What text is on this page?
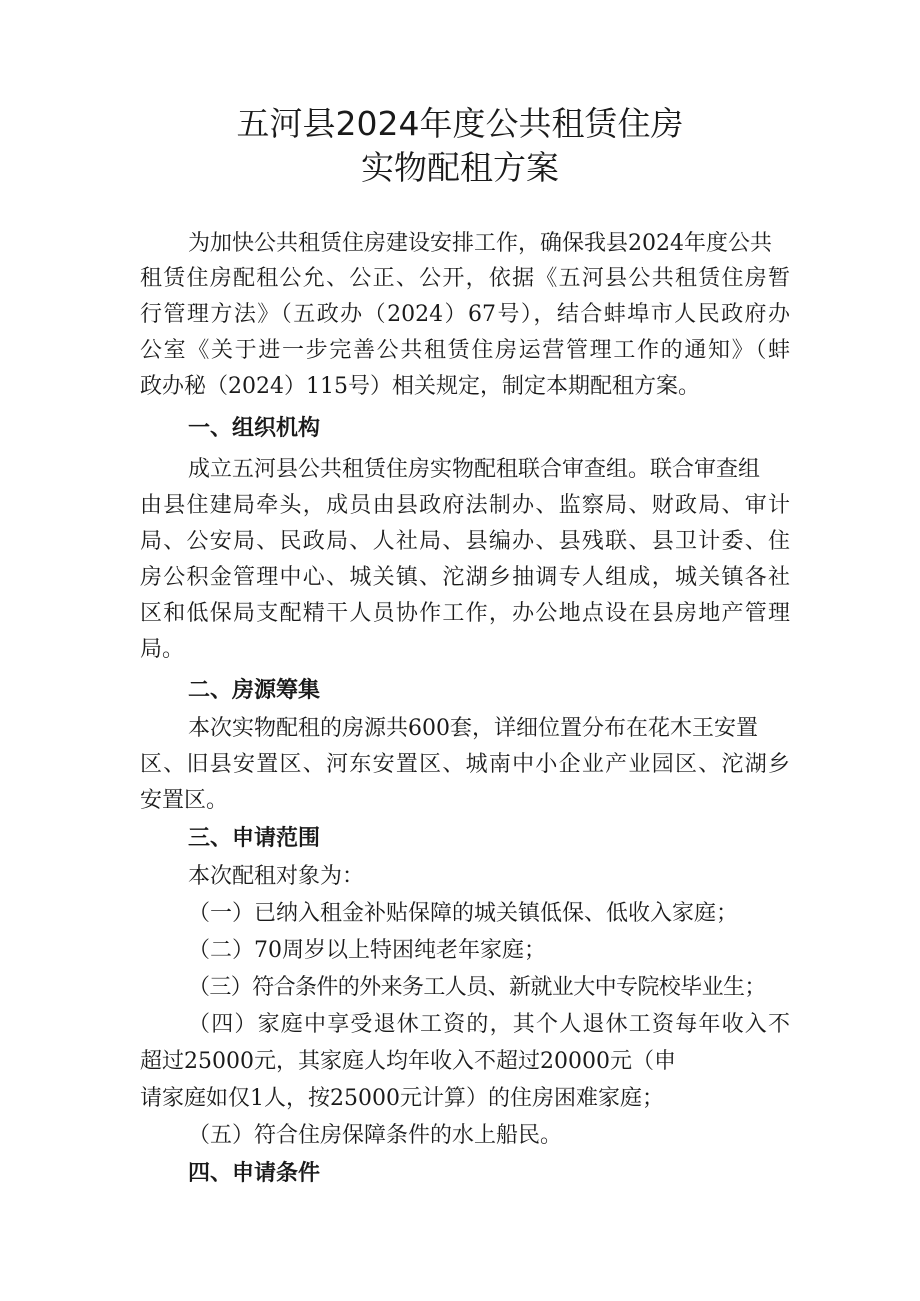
五河县2024年度公共租赁住房
实物配租方案

为加快公共租赁住房建设安排工作，确保我县2024年度公共

租赁住房配租公允、公正、公开，依据《五河县公共租赁住房暂

行管理方法》（五政办（2024）67号），结合蚌埠市人民政府办

公室《关于进一步完善公共租赁住房运营管理工作的通知》（蚌

政办秘（2024）115号）相关规定，制定本期配租方案。

一、组织机构

成立五河县公共租赁住房实物配租联合审查组。联合审查组

由县住建局牵头，成员由县政府法制办、监察局、财政局、审计

局、公安局、民政局、人社局、县编办、县残联、县卫计委、住

房公积金管理中心、城关镇、沱湖乡抽调专人组成，城关镇各社

区和低保局支配精干人员协作工作，办公地点设在县房地产管理

局。

二、房源筹集

本次实物配租的房源共600套，详细位置分布在花木王安置

区、旧县安置区、河东安置区、城南中小企业产业园区、沱湖乡

安置区。

三、申请范围

本次配租对象为：

（一）已纳入租金补贴保障的城关镇低保、低收入家庭；

（二）70周岁以上特困纯老年家庭；

（三）符合条件的外来务工人员、新就业大中专院校毕业生；

（四）家庭中享受退休工资的，其个人退休工资每年收入不

超过25000元，其家庭人均年收入不超过20000元（申

请家庭如仅1人，按25000元计算）的住房困难家庭；

（五）符合住房保障条件的水上船民。

四、申请条件
